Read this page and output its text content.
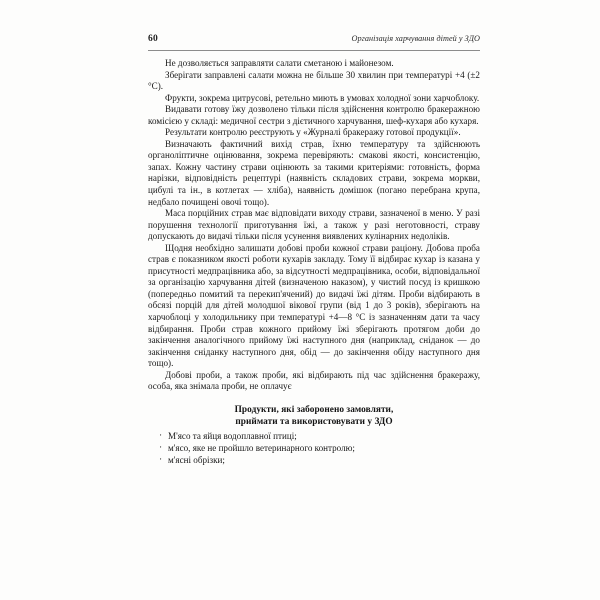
60	Організація харчування дітей у ЗДО

Не дозволяється заправляти салати сметаною і майонезом.

Зберігати заправлені салати можна не більше 30 хвилин при температурі +4 (±2 °С).

Фрукти, зокрема цитрусові, ретельно миють в умовах холодної зони харчоблоку.

Видавати готову їжу дозволено тільки після здійснення контролю бракеражною комісією у складі: медичної сестри з дієтичного харчування, шеф-кухаря або кухаря.

Результати контролю реєструють у «Журналі бракеражу готової продукції».

Визначають фактичний вихід страв, їхню температуру та здійснюють органоліптичне оцінювання, зокрема перевіряють: смакові якості, консистенцію, запах. Кожну частину страви оцінюють за такими критеріями: готовність, форма нарізки, відповідність рецептурі (наявність складових страви, зокрема моркви, цибулі та ін., в котлетах — хліба), наявність домішок (погано перебрана крупа, недбало почищені овочі тощо).

Маса порційних страв має відповідати виходу страви, зазначеної в меню. У разі порушення технології приготування їжі, а також у разі неготовності, страву допускають до видачі тільки після усунення виявлених кулінарних недоліків.

Щодня необхідно залишати добові проби кожної страви раціону. Добова проба страв є показником якості роботи кухарів закладу. Тому її відбирає кухар із казана у присутності медпрацівника або, за відсутності медпрацівника, особи, відповідальної за організацію харчування дітей (визначеною наказом), у чистий посуд із кришкою (попередньо помитий та перекип'ячений) до видачі їжі дітям. Проби відбирають в обсязі порцій для дітей молодшої вікової групи (від 1 до 3 років), зберігають на харчоблоці у холодильнику при температурі +4—8 °С із зазначенням дати та часу відбирання. Проби страв кожного прийому їжі зберігають протягом доби до закінчення аналогічного прийому їжі наступного дня (наприклад, сніданок — до закінчення сніданку наступного дня, обід — до закінчення обіду наступного дня тощо).

Добові проби, а також проби, які відбирають під час здійснення бракеражу, особа, яка знімала проби, не оплачує

Продукти, які заборонено замовляти,
приймати та використовувати у ЗДО
· М'ясо та яйця водоплавної птиці;
· м'ясо, яке не пройшло ветеринарного контролю;
· м'ясні обрізки;
